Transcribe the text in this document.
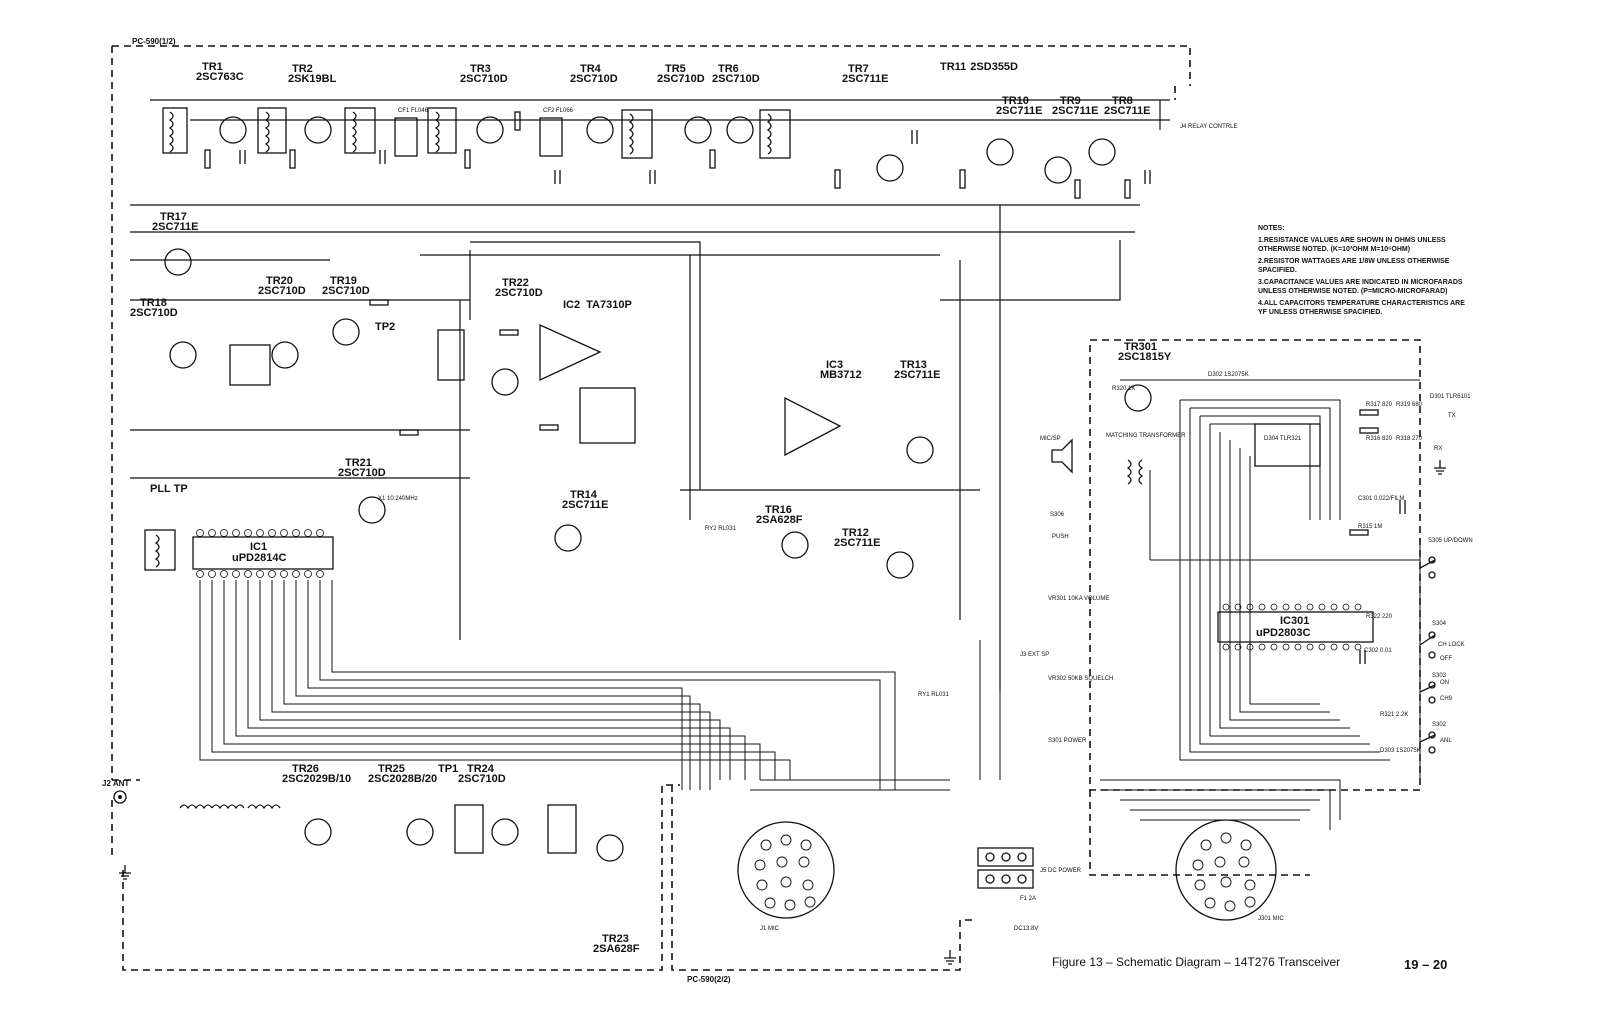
PC-590(1/2)
PC-590(2/2)
TR1 2SC763C
TR2 2SK19BL
TR3 2SC710D
TR4 2SC710D
TR5 2SC710D
TR6 2SC710D
TR7 2SC711E
TR8 2SC711E
TR9 2SC711E
TR10 2SC711E
TR11 2SD355D
TR12 2SC711E
TR13 2SC711E
TR14 2SC711E	TR16 2SA628F
TR17 2SC711E
TR18 2SC710D
TR19 2SC710D
TR20 2SC710D
TR21 2SC710D
TR22 2SC710D
TR23 2SA628F
TR24 2SC710D
TR25 2SC2028B/20
TR26 2SC2029B/10
TR301 2SC1815Y
IC1 uPD2814C
IC2 TA7310P
IC3 MB3712
IC301 uPD2803C
TP1
TP2
PLL TP
J2 ANT
J4 RELAY CONTRLE
J3 EXT SP
J5 DC POWER
J1 MIC
J301 MIC
MIC/SP	MATCHING TRANSFORMER	D304 TLR321
D301 TLR6101
TX
RX
PUSH
S306
S305 UP/DOWN
S304
CH LOCK
S303
S302
ON
OFF
CH9
ANL
VR301 10KA VOLUME
VR302 50KB SQUELCH
S301 POWER
RY1 RL031
RY2 RL031
CF1 FL046	CF2 FL066
X1 10.240MHz
D302 1S2075K
R320 1K
R317 820 R319 680
R316 820 R318 270
C301 0.022/FILM
R315 1M
R322 220
C302 0.01
R321 2.2K
D303 1S2075K
F1 2A
DC13.8V
NOTES:
1.RESISTANCE VALUES ARE SHOWN IN OHMS UNLESS OTHERWISE NOTED. (K=10³OHM M=10⁶OHM)
2.RESISTOR WATTAGES ARE 1/8W UNLESS OTHERWISE SPACIFIED.
3.CAPACITANCE VALUES ARE INDICATED IN MICROFARADS UNLESS OTHERWISE NOTED. (P=MICRO-MICROFARAD)
4.ALL CAPACITORS TEMPERATURE CHARACTERISTICS ARE YF UNLESS OTHERWISE SPACIFIED.
Figure 13 – Schematic Diagram – 14T276 Transceiver	19 – 20
